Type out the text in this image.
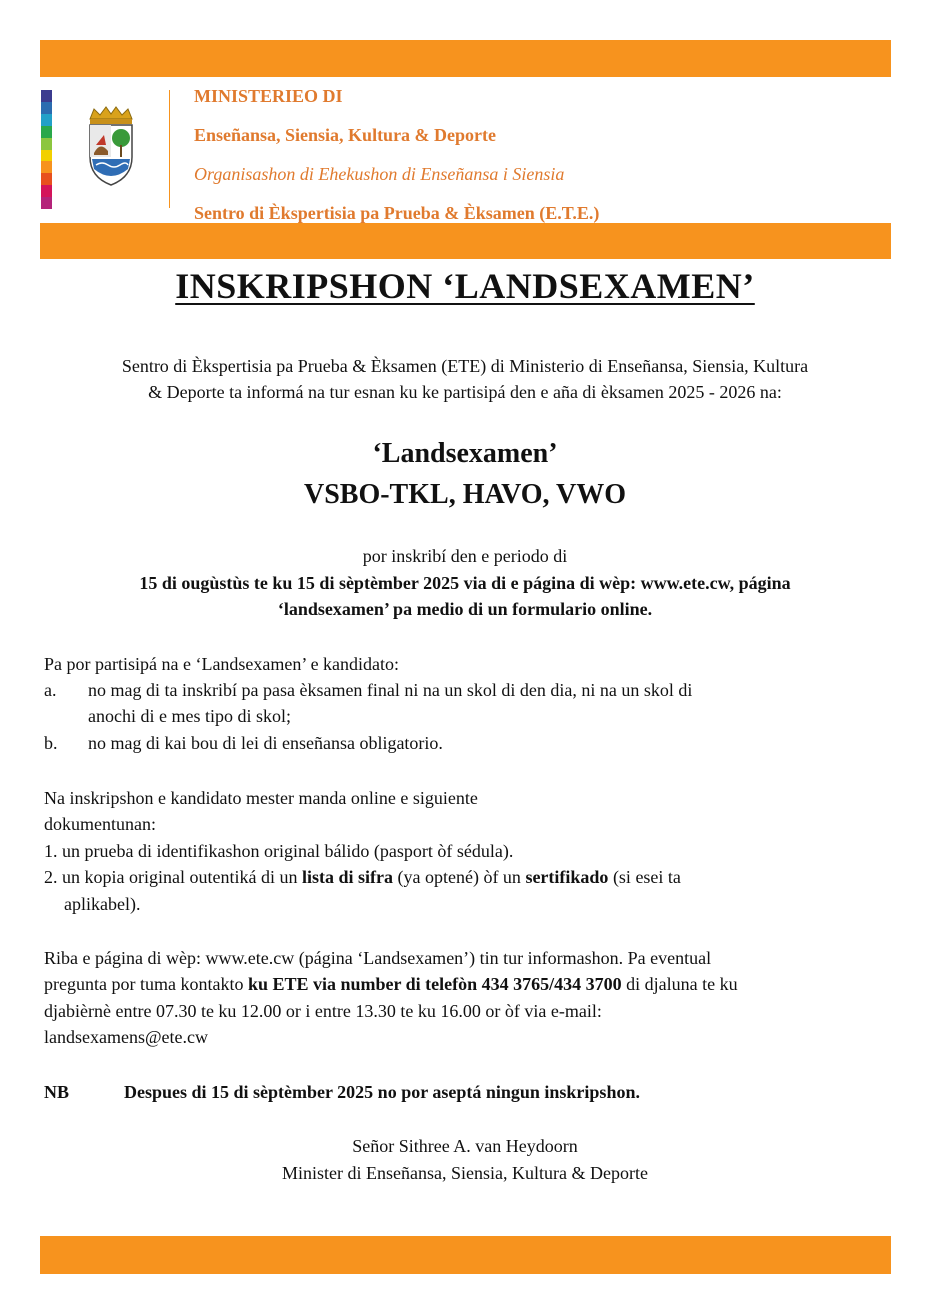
MINISTERIEO DI
Enseñansa, Siensia, Kultura & Deporte
Organisashon di Ehekushon di Enseñansa i Siensia
Sentro di Èkspertisia pa Prueba & Èksamen (E.T.E.)
INSKRIPSHON ‘LANDSEXAMEN’
Sentro di Èkspertisia pa Prueba & Èksamen (ETE) di Ministerio di Enseñansa, Siensia, Kultura
& Deporte ta informá na tur esnan ku ke partisipá den e aña di èksamen 2025 - 2026 na:
‘Landsexamen’
VSBO-TKL, HAVO, VWO
por inskribí den e periodo di
15 di ougùstùs te ku 15 di sèptèmber 2025 via di e página di wèp: www.ete.cw, página
‘landsexamen’ pa medio di un formulario online.
Pa por partisipá na e ‘Landsexamen’ e kandidato:
a. no mag di ta inskribí pa pasa èksamen final ni na un skol di den dia, ni na un skol di
anochi di e mes tipo di skol;
b. no mag di kai bou di lei di enseñansa obligatorio.
Na inskripshon e kandidato mester manda online e siguiente
dokumentunan:
1. un prueba di identifikashon original bálido (pasport òf sédula).
2. un kopia original outentiká di un lista di sifra (ya optené) òf un sertifikado (si esei ta
aplikabel).
Riba e página di wèp: www.ete.cw (página ‘Landsexamen’) tin tur informashon. Pa eventual
pregunta por tuma kontakto ku ETE via number di telefòn 434 3765/434 3700 di djaluna te ku
djabièrnè entre 07.30 te ku 12.00 or i entre 13.30 te ku 16.00 or òf via e-mail:
landsexamens@ete.cw
NB	Despues di 15 di sèptèmber 2025 no por aseptá ningun inskripshon.
Señor Sithree A. van Heydoorn
Minister di Enseñansa, Siensia, Kultura & Deporte
